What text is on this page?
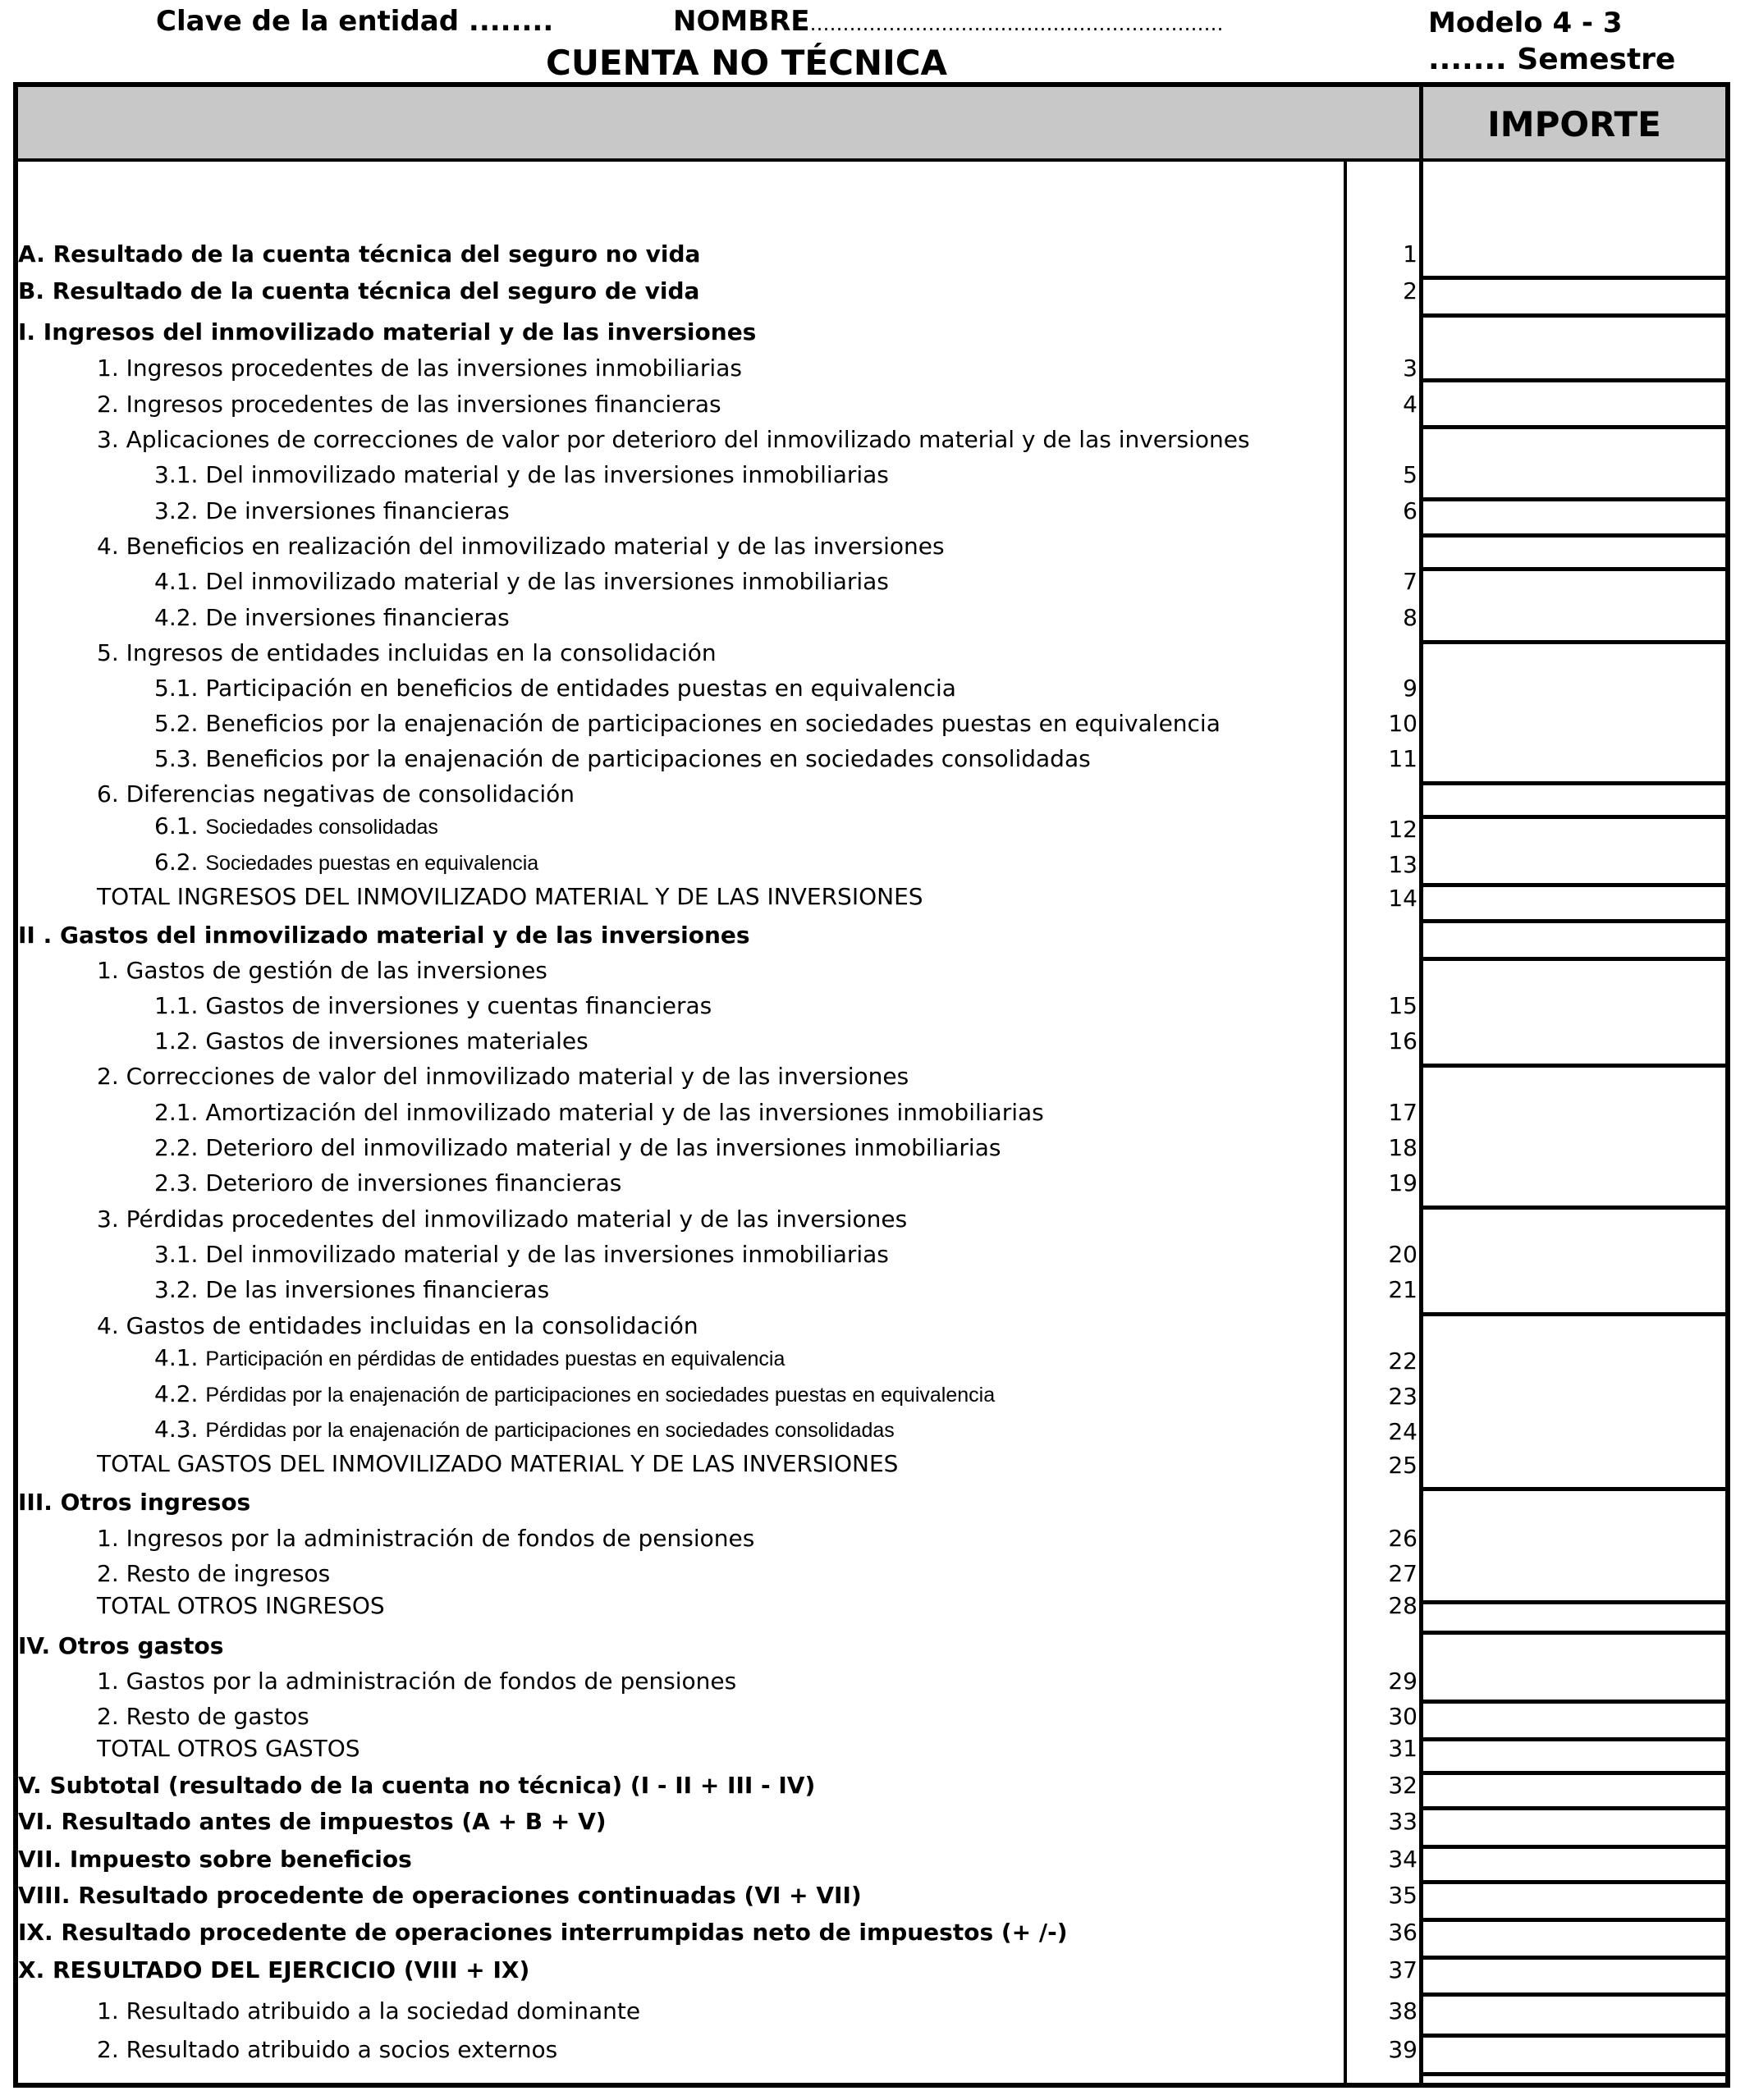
Clave de la entidad ........	NOMBRE………………………………………………………	Modelo 4 - 3
CUENTA NO TÉCNICA	....... Semestre
IMPORTE
A. Resultado de la cuenta técnica del seguro no vida	1
B. Resultado de la cuenta técnica del seguro de vida	2
I. Ingresos del inmovilizado material y de las inversiones
1. Ingresos procedentes de las inversiones inmobiliarias	3
2. Ingresos procedentes de las inversiones financieras	4
3. Aplicaciones de correcciones de valor por deterioro del inmovilizado material y de las inversiones
3.1. Del inmovilizado material y de las inversiones inmobiliarias	5
3.2. De inversiones financieras	6
4. Beneficios en realización del inmovilizado material y de las inversiones
4.1. Del inmovilizado material y de las inversiones inmobiliarias	7
4.2. De inversiones financieras	8
5. Ingresos de entidades incluidas en la consolidación
5.1. Participación en beneficios de entidades puestas en equivalencia	9
5.2. Beneficios por la enajenación de participaciones en sociedades puestas en equivalencia	10
5.3. Beneficios por la enajenación de participaciones en sociedades consolidadas	11
6. Diferencias negativas de consolidación
6.1. Sociedades consolidadas	12
6.2. Sociedades puestas en equivalencia	13
TOTAL INGRESOS DEL INMOVILIZADO MATERIAL Y DE LAS INVERSIONES	14
II . Gastos del inmovilizado material y de las inversiones
1. Gastos de gestión de las inversiones
1.1. Gastos de inversiones y cuentas financieras	15
1.2. Gastos de inversiones materiales	16
2. Correcciones de valor del inmovilizado material y de las inversiones
2.1. Amortización del inmovilizado material y de las inversiones inmobiliarias	17
2.2. Deterioro del inmovilizado material y de las inversiones inmobiliarias	18
2.3. Deterioro de inversiones financieras	19
3. Pérdidas procedentes del inmovilizado material y de las inversiones
3.1. Del inmovilizado material y de las inversiones inmobiliarias	20
3.2. De las inversiones financieras	21
4. Gastos de entidades incluidas en la consolidación
4.1. Participación en pérdidas de entidades puestas en equivalencia	22
4.2. Pérdidas por la enajenación de participaciones en sociedades puestas en equivalencia	23
4.3. Pérdidas por la enajenación de participaciones en sociedades consolidadas	24
TOTAL GASTOS DEL INMOVILIZADO MATERIAL Y DE LAS INVERSIONES	25
III. Otros ingresos
1. Ingresos por la administración de fondos de pensiones	26
2. Resto de ingresos	27
TOTAL OTROS INGRESOS	28
IV. Otros gastos
1. Gastos por la administración de fondos de pensiones	29
2. Resto de gastos	30
TOTAL OTROS GASTOS	31
V. Subtotal (resultado de la cuenta no técnica) (I - II + III - IV)	32
VI. Resultado antes de impuestos (A + B + V)	33
VII. Impuesto sobre beneficios	34
VIII. Resultado procedente de operaciones continuadas (VI + VII)	35
IX. Resultado procedente de operaciones interrumpidas neto de impuestos (+ /-)	36
X. RESULTADO DEL EJERCICIO (VIII + IX)	37
1. Resultado atribuido a la sociedad dominante	38
2. Resultado atribuido a socios externos	39
